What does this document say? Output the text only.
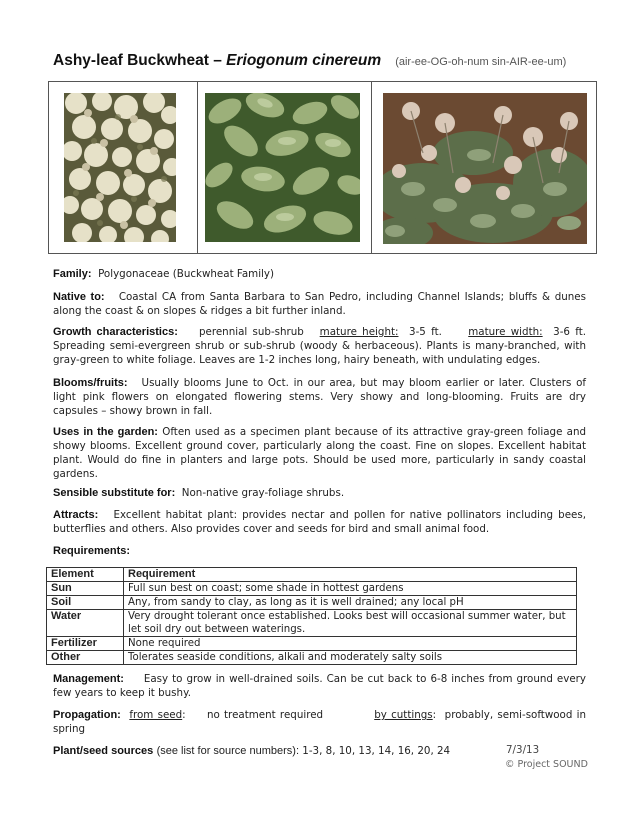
Ashy-leaf Buckwheat – Eriogonum cinereum (air-ee-OG-oh-num sin-AIR-ee-um)
Family: Polygonaceae (Buckwheat Family)
Native to: Coastal CA from Santa Barbara to San Pedro, including Channel Islands; bluffs & dunes along the coast & on slopes & ridges a bit further inland.
Growth characteristics: perennial sub-shrub mature height: 3-5 ft.	mature width: 3-6 ft. Spreading semi-evergreen shrub or sub-shrub (woody & herbaceous). Plants is many-branched, with gray-green to white foliage. Leaves are 1-2 inches long, hairy beneath, with undulating edges.
Blooms/fruits: Usually blooms June to Oct. in our area, but may bloom earlier or later. Clusters of light pink flowers on elongated flowering stems. Very showy and long-blooming. Fruits are dry capsules – showy brown in fall.
Uses in the garden: Often used as a specimen plant because of its attractive gray-green foliage and showy blooms. Excellent ground cover, particularly along the coast. Fine on slopes. Excellent habitat plant. Would do fine in planters and large pots. Should be used more, particularly in sandy coastal gardens.
Sensible substitute for: Non-native gray-foliage shrubs.
Attracts: Excellent habitat plant: provides nectar and pollen for native pollinators including bees, butterflies and others. Also provides cover and seeds for bird and small animal food.
Requirements:
Element	Requirement
Sun	Full sun best on coast; some shade in hottest gardens
Soil	Any, from sandy to clay, as long as it is well drained; any local pH
Water	Very drought tolerant once established. Looks best will occasional summer water, but let soil dry out between waterings.
Fertilizer	None required
Other	Tolerates seaside conditions, alkali and moderately salty soils
Management: Easy to grow in well-drained soils. Can be cut back to 6-8 inches from ground every few years to keep it bushy.
Propagation: from seed:     no treatment required	by cuttings:  probably, semi-softwood in spring
Plant/seed sources (see list for source numbers): 1-3, 8, 10, 13, 14, 16, 20, 24	7/3/13
© Project SOUND
